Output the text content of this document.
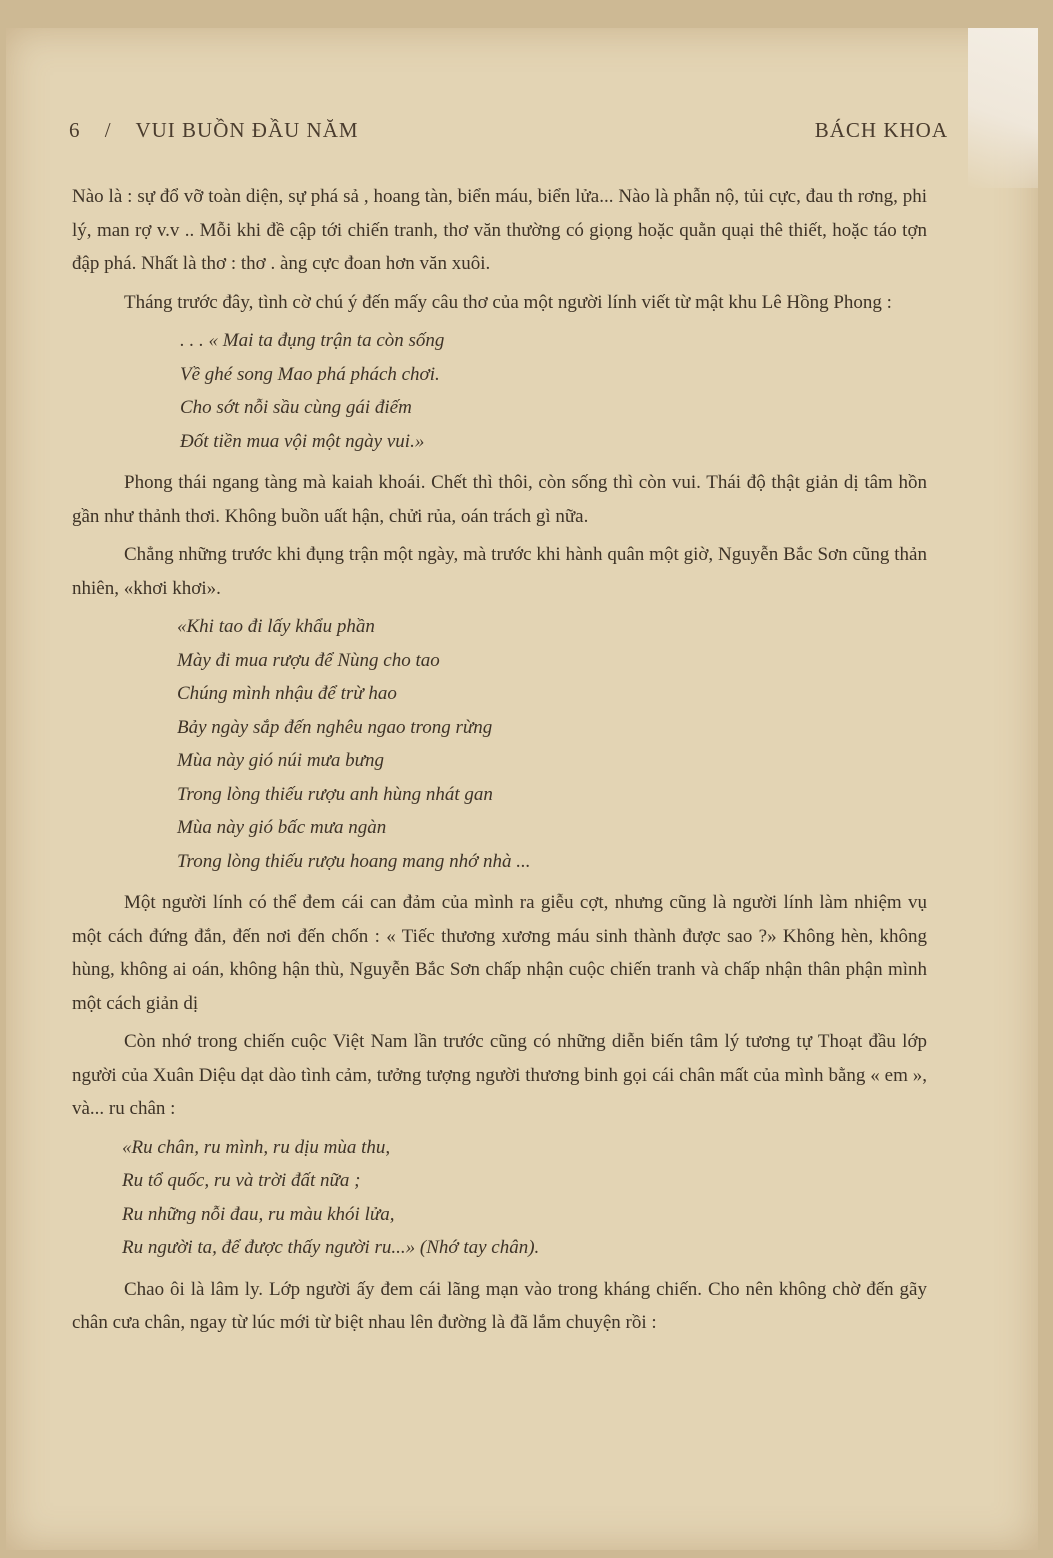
6 / VUI BUỒN ĐẦU NĂM	BÁCH KHOA

Nào là : sự đổ vỡ toàn diện, sự phá sả , hoang tàn, biển máu, biển lửa... Nào là phẫn nộ, tủi cực, đau th rơng, phi lý, man rợ v.v .. Mỗi khi đề cập tới chiến tranh, thơ văn thường có giọng hoặc quằn quại thê thiết, hoặc táo tợn đập phá. Nhất là thơ : thơ . àng cực đoan hơn văn xuôi.

Tháng trước đây, tình cờ chú ý đến mấy câu thơ của một người lính viết từ mật khu Lê Hồng Phong :

. . . « Mai ta đụng trận ta còn sống
Về ghé song Mao phá phách chơi.
Cho sớt nỗi sầu cùng gái điếm
Đốt tiền mua vội một ngày vui.»

Phong thái ngang tàng mà kaiah khoái. Chết thì thôi, còn sống thì còn vui. Thái độ thật giản dị tâm hồn gần như thảnh thơi. Không buồn uất hận, chửi rủa, oán trách gì nữa.

Chẳng những trước khi đụng trận một ngày, mà trước khi hành quân một giờ, Nguyễn Bắc Sơn cũng thản nhiên, «khơi khơi».

«Khi tao đi lấy khẩu phần
Mày đi mua rượu để Nùng cho tao
Chúng mình nhậu để trừ hao
Bảy ngày sắp đến nghêu ngao trong rừng
Mùa này gió núi mưa bưng
Trong lòng thiếu rượu anh hùng nhát gan
Mùa này gió bấc mưa ngàn
Trong lòng thiếu rượu hoang mang nhớ nhà ...

Một người lính có thể đem cái can đảm của mình ra giễu cợt, nhưng cũng là người lính làm nhiệm vụ một cách đứng đắn, đến nơi đến chốn : « Tiếc thương xương máu sinh thành được sao ?» Không hèn, không hùng, không ai oán, không hận thù, Nguyễn Bắc Sơn chấp nhận cuộc chiến tranh và chấp nhận thân phận mình một cách giản dị

Còn nhớ trong chiến cuộc Việt Nam lần trước cũng có những diễn biến tâm lý tương tự Thoạt đầu lớp người của Xuân Diệu dạt dào tình cảm, tưởng tượng người thương binh gọi cái chân mất của mình bằng « em », và... ru chân :

«Ru chân, ru mình, ru dịu mùa thu,
Ru tổ quốc, ru và trời đất nữa ;
Ru những nỗi đau, ru màu khói lửa,
Ru người ta, để được thấy người ru...» (Nhớ tay chân).

Chao ôi là lâm ly. Lớp người ấy đem cái lãng mạn vào trong kháng chiến. Cho nên không chờ đến gãy chân cưa chân, ngay từ lúc mới từ biệt nhau lên đường là đã lắm chuyện rồi :
